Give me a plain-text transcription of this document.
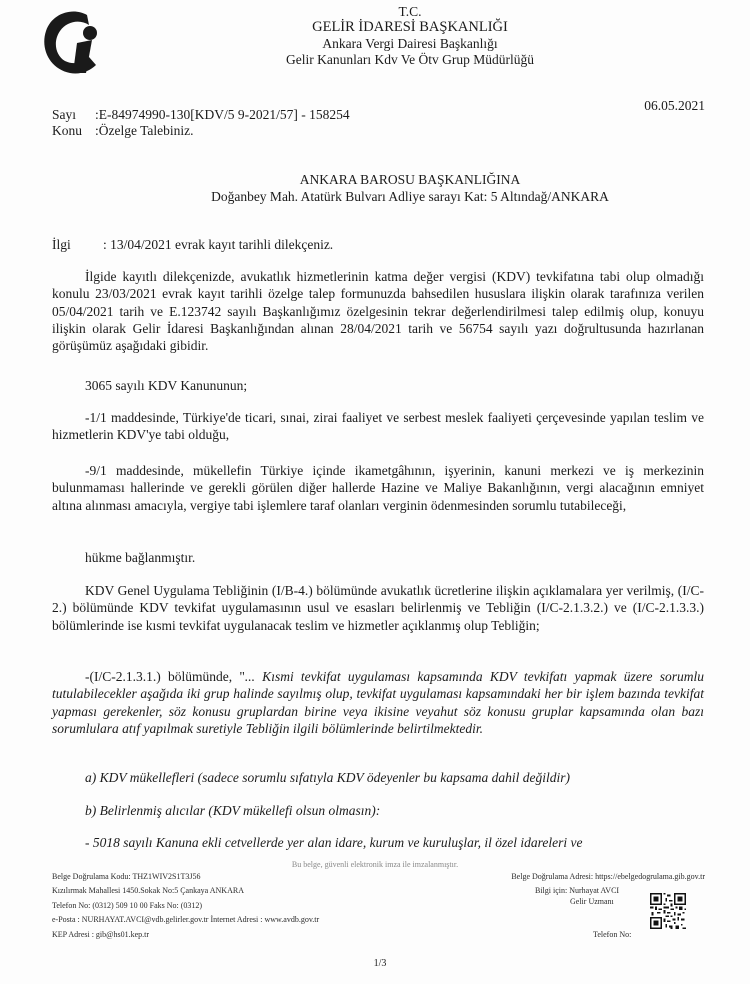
T.C.
GELİR İDARESİ BAŞKANLIĞI
Ankara Vergi Dairesi Başkanlığı
Gelir Kanunları Kdv Ve Ötv Grup Müdürlüğü
Sayı :E-84974990-130[KDV/5 9-2021/57] - 158254
Konu :Özelge Talebiniz.
06.05.2021
ANKARA BAROSU BAŞKANLIĞINA
Doğanbey Mah. Atatürk Bulvarı Adliye sarayı Kat: 5 Altındağ/ANKARA
İlgi : 13/04/2021 evrak kayıt tarihli dilekçeniz.
İlgide kayıtlı dilekçenizde, avukatlık hizmetlerinin katma değer vergisi (KDV) tevkifatına tabi olup olmadığı konulu 23/03/2021 evrak kayıt tarihli özelge talep formunuzda bahsedilen hususlara ilişkin olarak tarafınıza verilen 05/04/2021 tarih ve E.123742 sayılı Başkanlığımız özelgesinin tekrar değerlendirilmesi talep edilmiş olup, konuyu ilişkin olarak Gelir İdaresi Başkanlığından alınan 28/04/2021 tarih ve 56754 sayılı yazı doğrultusunda hazırlanan görüşümüz aşağıdaki gibidir.
3065 sayılı KDV Kanununun;
-1/1 maddesinde, Türkiye'de ticari, sınai, zirai faaliyet ve serbest meslek faaliyeti çerçevesinde yapılan teslim ve hizmetlerin KDV'ye tabi olduğu,
-9/1 maddesinde, mükellefin Türkiye içinde ikametgâhının, işyerinin, kanuni merkezi ve iş merkezinin bulunmaması hallerinde ve gerekli görülen diğer hallerde Hazine ve Maliye Bakanlığının, vergi alacağının emniyet altına alınması amacıyla, vergiye tabi işlemlere taraf olanları verginin ödenmesinden sorumlu tutabileceği,
hükme bağlanmıştır.
KDV Genel Uygulama Tebliğinin (I/B-4.) bölümünde avukatlık ücretlerine ilişkin açıklamalara yer verilmiş, (I/C-2.) bölümünde KDV tevkifat uygulamasının usul ve esasları belirlenmiş ve Tebliğin (I/C-2.1.3.2.) ve (I/C-2.1.3.3.) bölümlerinde ise kısmi tevkifat uygulanacak teslim ve hizmetler açıklanmış olup Tebliğin;
-(I/C-2.1.3.1.) bölümünde, "... Kısmi tevkifat uygulaması kapsamında KDV tevkifatı yapmak üzere sorumlu tutulabilecekler aşağıda iki grup halinde sayılmış olup, tevkifat uygulaması kapsamındaki her bir işlem bazında tevkifat yapması gerekenler, söz konusu gruplardan birine veya ikisine veyahut söz konusu gruplar kapsamında olan bazı sorumlulara atıf yapılmak suretiyle Tebliğin ilgili bölümlerinde belirtilmektedir.
a) KDV mükellefleri (sadece sorumlu sıfatıyla KDV ödeyenler bu kapsama dahil değildir)
b) Belirlenmiş alıcılar (KDV mükellefi olsun olmasın):
- 5018 sayılı Kanuna ekli cetvellerde yer alan idare, kurum ve kuruluşlar, il özel idareleri ve
Bu belge, güvenli elektronik imza ile imzalanmıştır.
Belge Doğrulama Kodu: THZ1WIV2S1T3J56	Belge Doğrulama Adresi: https://ebelgedogrulama.gib.gov.tr
Kızılırmak Mahallesi 1450.Sokak No:5 Çankaya ANKARA	Bilgi için: Nurhayat AVCI
Gelir Uzmanı
Telefon No: (0312) 509 10 00 Faks No: (0312)
e-Posta : NURHAYAT.AVCI@vdb.gelirler.gov.tr İnternet Adresi : www.avdb.gov.tr
KEP Adresi : gib@hs01.kep.tr	Telefon No:
1/3
